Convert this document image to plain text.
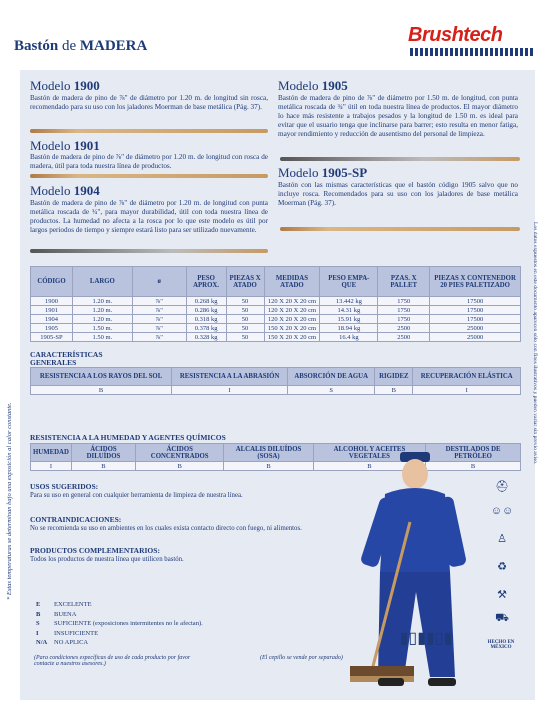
Bastón de MADERA	Brushtech
Modelo 1900
Bastón de madera de pino de ⅞" de diámetro por 1.20 m. de longitud sin rosca, recomendado para su uso con los jaladores Moerman de base metálica (Pág. 37).
Modelo 1901
Bastón de madera de pino de ⅞" de diámetro por 1.20 m. de longitud con rosca de madera, útil para toda nuestra línea de productos.
Modelo 1904
Bastón de madera de pino de ⅞" de diámetro por 1.20 m. de longitud con punta metálica roscada de ¾", para mayor durabilidad, útil con toda nuestra línea de productos. La humedad no afecta a la rosca por lo que este modelo es útil por largos periodos de tiempo y siempre estará listo para ser utilizado nuevamente.
Modelo 1905
Bastón de madera de pino de ⅞" de diámetro por 1.50 m. de longitud, con punta metálica roscada de ¾" útil en toda nuestra línea de productos. El mayor diámetro lo hace más resistente a trabajos pesados y la longitud de 1.50 m. es ideal para evitar que el usuario tenga que inclinarse para barrer; esto resulta en menor fatiga, mayor rendimiento y reducción de ausentismo del personal de limpieza.
Modelo 1905-SP
Bastón con las mismas características que el bastón código 1905 salvo que no incluye rosca. Recomendados para su uso con los jaladores de base metálica Moerman (Pág. 37).
CÓDIGO	LARGO	ø	PESO APROX.	PIEZAS X ATADO	MEDIDAS ATADO	PESO EMPA-QUE	PZAS. X PALLET	PIEZAS X CONTENEDOR 20 PIES PALETIZADO
1900	1.20 m.	⅞"	0.268 kg	50	120 X 20 X 20 cm	13.442 kg	1750	17500
1901	1.20 m.	⅞"	0.286 kg	50	120 X 20 X 20 cm	14.31 kg	1750	17500
1904	1.20 m.	⅞"	0.318 kg	50	120 X 20 X 20 cm	15.91 kg	1750	17500
1905	1.50 m.	⅞"	0.378 kg	50	150 X 20 X 20 cm	18.94 kg	2500	25000
1905-SP	1.50 m.	⅞"	0.328 kg	50	150 X 20 X 20 cm	16.4 kg	2500	25000
CARACTERÍSTICAS GENERALES
RESISTENCIA A LOS RAYOS DEL SOL	RESISTENCIA A LA ABRASIÓN	ABSORCIÓN DE AGUA	RIGIDEZ	RECUPERACIÓN ELÁSTICA
B	I	S	B	I
RESISTENCIA A LA HUMEDAD Y AGENTES QUÍMICOS
HUMEDAD	ÁCIDOS DILUÍDOS	ÁCIDOS CONCENTRADOS	ALCALIS DILUÍDOS (SOSA)	ALCOHOL Y ACEITES VEGETALES	DESTILADOS DE PETRÓLEO
I	B	B	B	B	B
USOS SUGERIDOS:
Para su uso en general con cualquier herramienta de limpieza de nuestra línea.
CONTRAINDICACIONES:
No se recomienda su uso en ambientes en los cuales exista contacto directo con fuego, ni alimentos.
PRODUCTOS COMPLEMENTARIOS:
Todos los productos de nuestra línea que utilicen bastón.
E EXCELENTE
B BUENA
S SUFICIENTE (exposiciones intermitentes no le afectan).
I INSUFICIENTE
N/A NO APLICA
(Para condiciones específicas de uso de cada producto por favor contacte a nuestros asesores.)
(El cepillo se vende por separado)
⛑
☺☺
♙
♻
⚒
⛟
▮▯▮▮▯▮	HECHO EN MÉXICO
* Estas temperaturas se determinan bajo una exposición al calor constante.
Los datos expuestos en este documento aparecen sólo con fines ilustrativos y pueden variar sin previo aviso.
